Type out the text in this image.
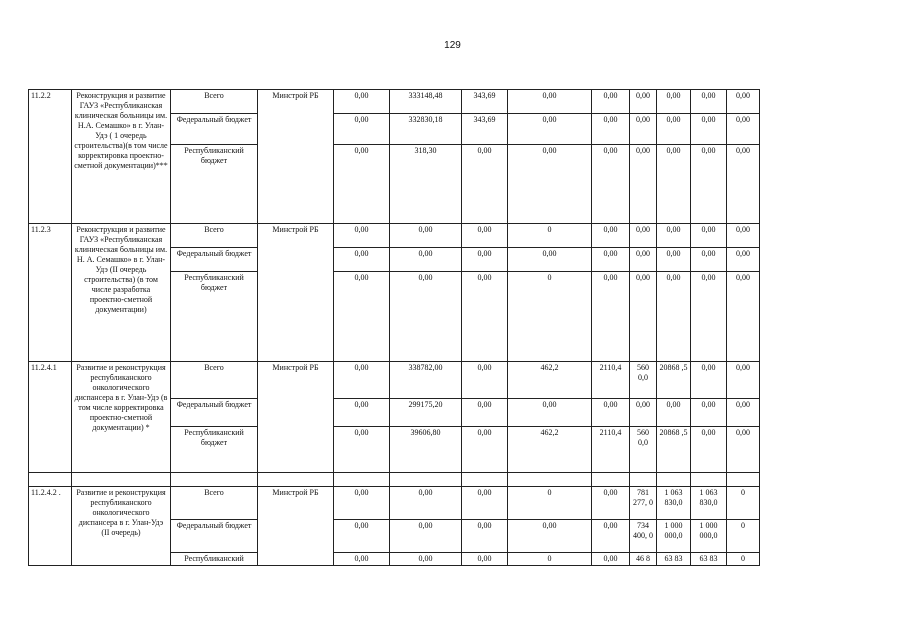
129
11.2.2	Реконструкция и развитие ГАУЗ «Республиканская клиническая больницы им. Н.А. Семашко» в г. Улан-Удэ ( 1 очередь строительства)(в том числе корректировка проектно-сметной документации)***	Всего	Минстрой РБ	0,00	333148,48	343,69	0,00	0,00	0,00	0,00	0,00	0,00
		Федеральный бюджет		0,00	332830,18	343,69	0,00	0,00	0,00	0,00	0,00	0,00
		Республиканский бюджет		0,00	318,30	0,00	0,00	0,00	0,00	0,00	0,00	0,00
11.2.3	Реконструкция и развитие ГАУЗ «Республиканская клиническая больницы им. Н. А. Семашко» в г. Улан-Удэ (II очередь строительства) (в том числе разработка проектно-сметной документации)	Всего	Минстрой РБ	0,00	0,00	0,00	0	0,00	0,00	0,00	0,00	0,00
		Федеральный бюджет		0,00	0,00	0,00	0,00	0,00	0,00	0,00	0,00	0,00
		Республиканский бюджет		0,00	0,00	0,00	0	0,00	0,00	0,00	0,00	0,00
11.2.4.1	Развитие и реконструкция республиканского онкологического диспансера в г. Улан-Удэ (в том числе корректировка проектно-сметной документации) *	Всего	Минстрой РБ	0,00	338782,00	0,00	462,2	2110,4	560 0,0	20868 ,5	0,00	0,00
		Федеральный бюджет		0,00	299175,20	0,00	0,00	0,00	0,00	0,00	0,00	0,00
		Республиканский бюджет		0,00	39606,80	0,00	462,2	2110,4	560 0,0	20868 ,5	0,00	0,00

11.2.4.2 .	Развитие и реконструкция республиканского онкологического диспансера в г. Улан-Удэ (II очередь)	Всего	Минстрой РБ	0,00	0,00	0,00	0	0,00	781 277, 0	1 063 830,0	1 063 830,0	0
		Федеральный бюджет		0,00	0,00	0,00	0,00	0,00	734 400, 0	1 000 000,0	1 000 000,0	0
		Республиканский		0,00	0,00	0,00	0	0,00	46 8	63 83	63 83	0
